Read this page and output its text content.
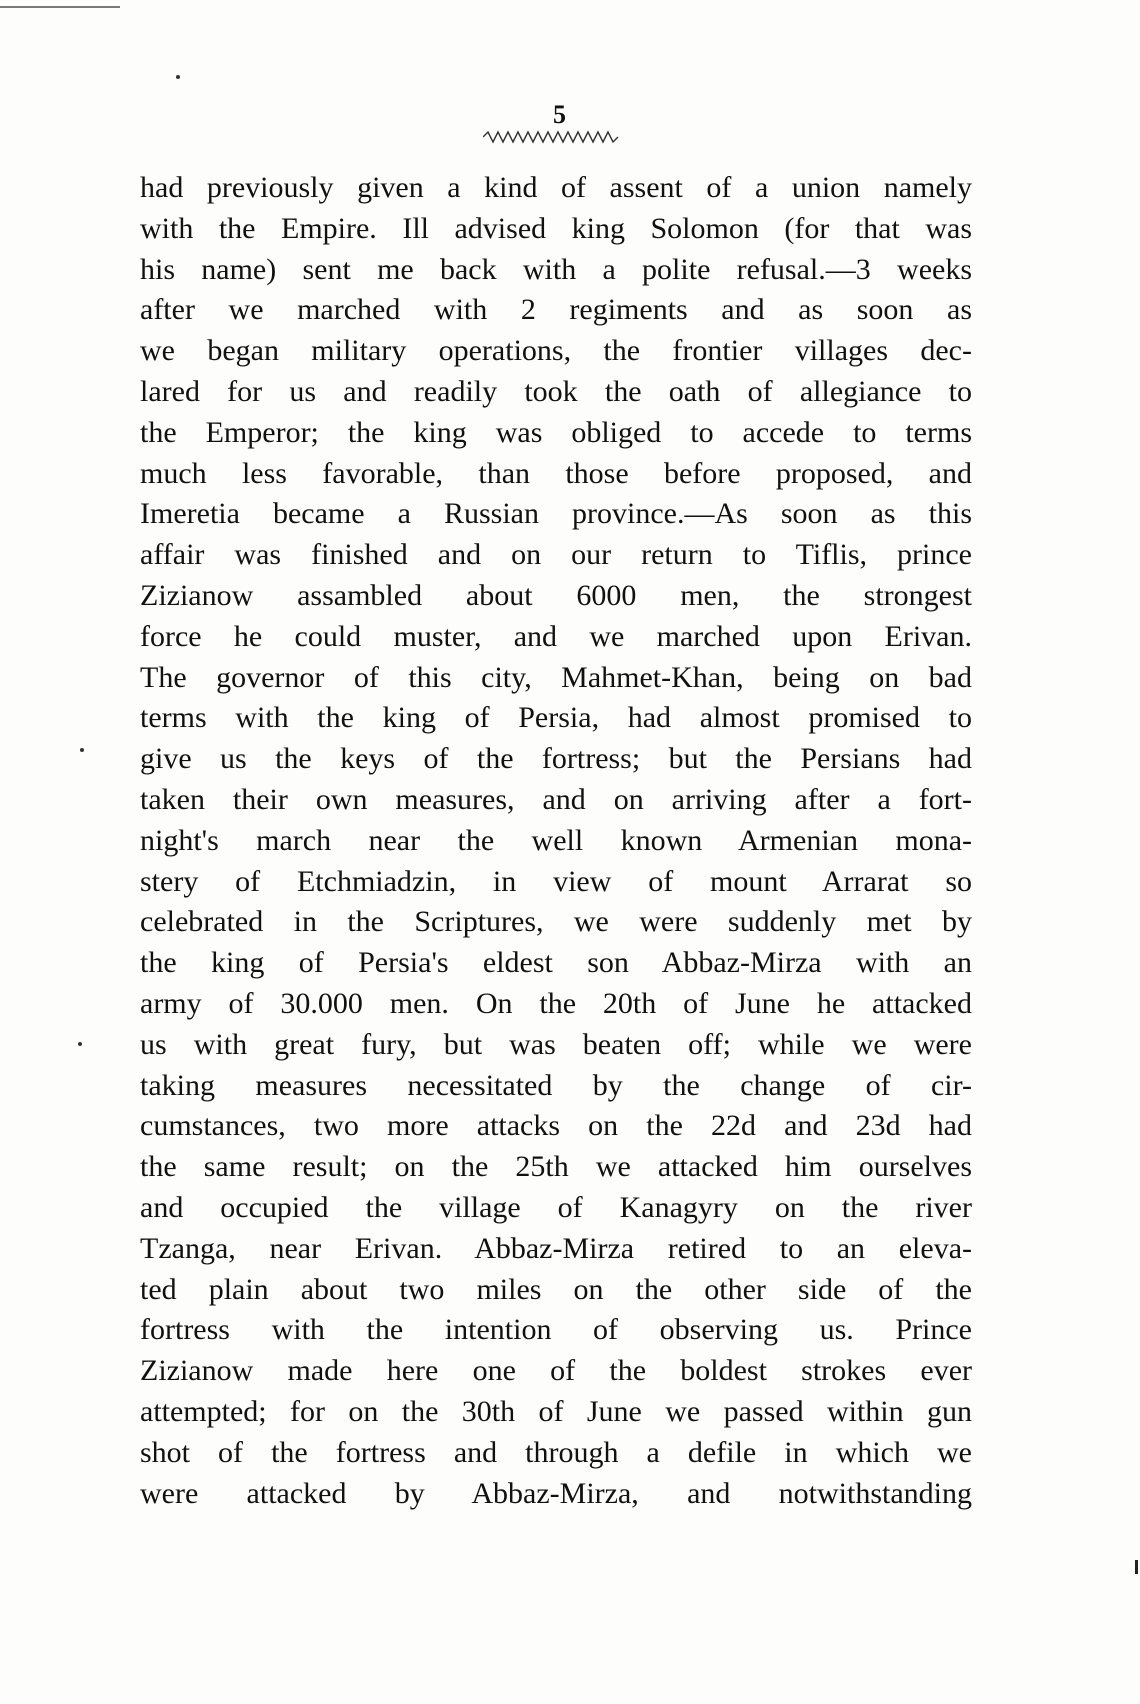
5
had previously given a kind of assent of a union namely
with the Empire. Ill advised king Solomon (for that was
his name) sent me back with a polite refusal.—3 weeks
after we marched with 2 regiments and as soon as
we began military operations, the frontier villages dec-
lared for us and readily took the oath of allegiance to
the Emperor; the king was obliged to accede to terms
much less favorable, than those before proposed, and
Imeretia became a Russian province.—As soon as this
affair was finished and on our return to Tiflis, prince
Zizianow assambled about 6000 men, the strongest
force he could muster, and we marched upon Erivan.
The governor of this city, Mahmet-Khan, being on bad
terms with the king of Persia, had almost promised to
give us the keys of the fortress; but the Persians had
taken their own measures, and on arriving after a fort-
night's march near the well known Armenian mona-
stery of Etchmiadzin, in view of mount Arrarat so
celebrated in the Scriptures, we were suddenly met by
the king of Persia's eldest son Abbaz-Mirza with an
army of 30.000 men. On the 20th of June he attacked
us with great fury, but was beaten off; while we were
taking measures necessitated by the change of cir-
cumstances, two more attacks on the 22d and 23d had
the same result; on the 25th we attacked him ourselves
and occupied the village of Kanagyry on the river
Tzanga, near Erivan. Abbaz-Mirza retired to an eleva-
ted plain about two miles on the other side of the
fortress with the intention of observing us. Prince
Zizianow made here one of the boldest strokes ever
attempted; for on the 30th of June we passed within gun
shot of the fortress and through a defile in which we
were attacked by Abbaz-Mirza, and notwithstanding
